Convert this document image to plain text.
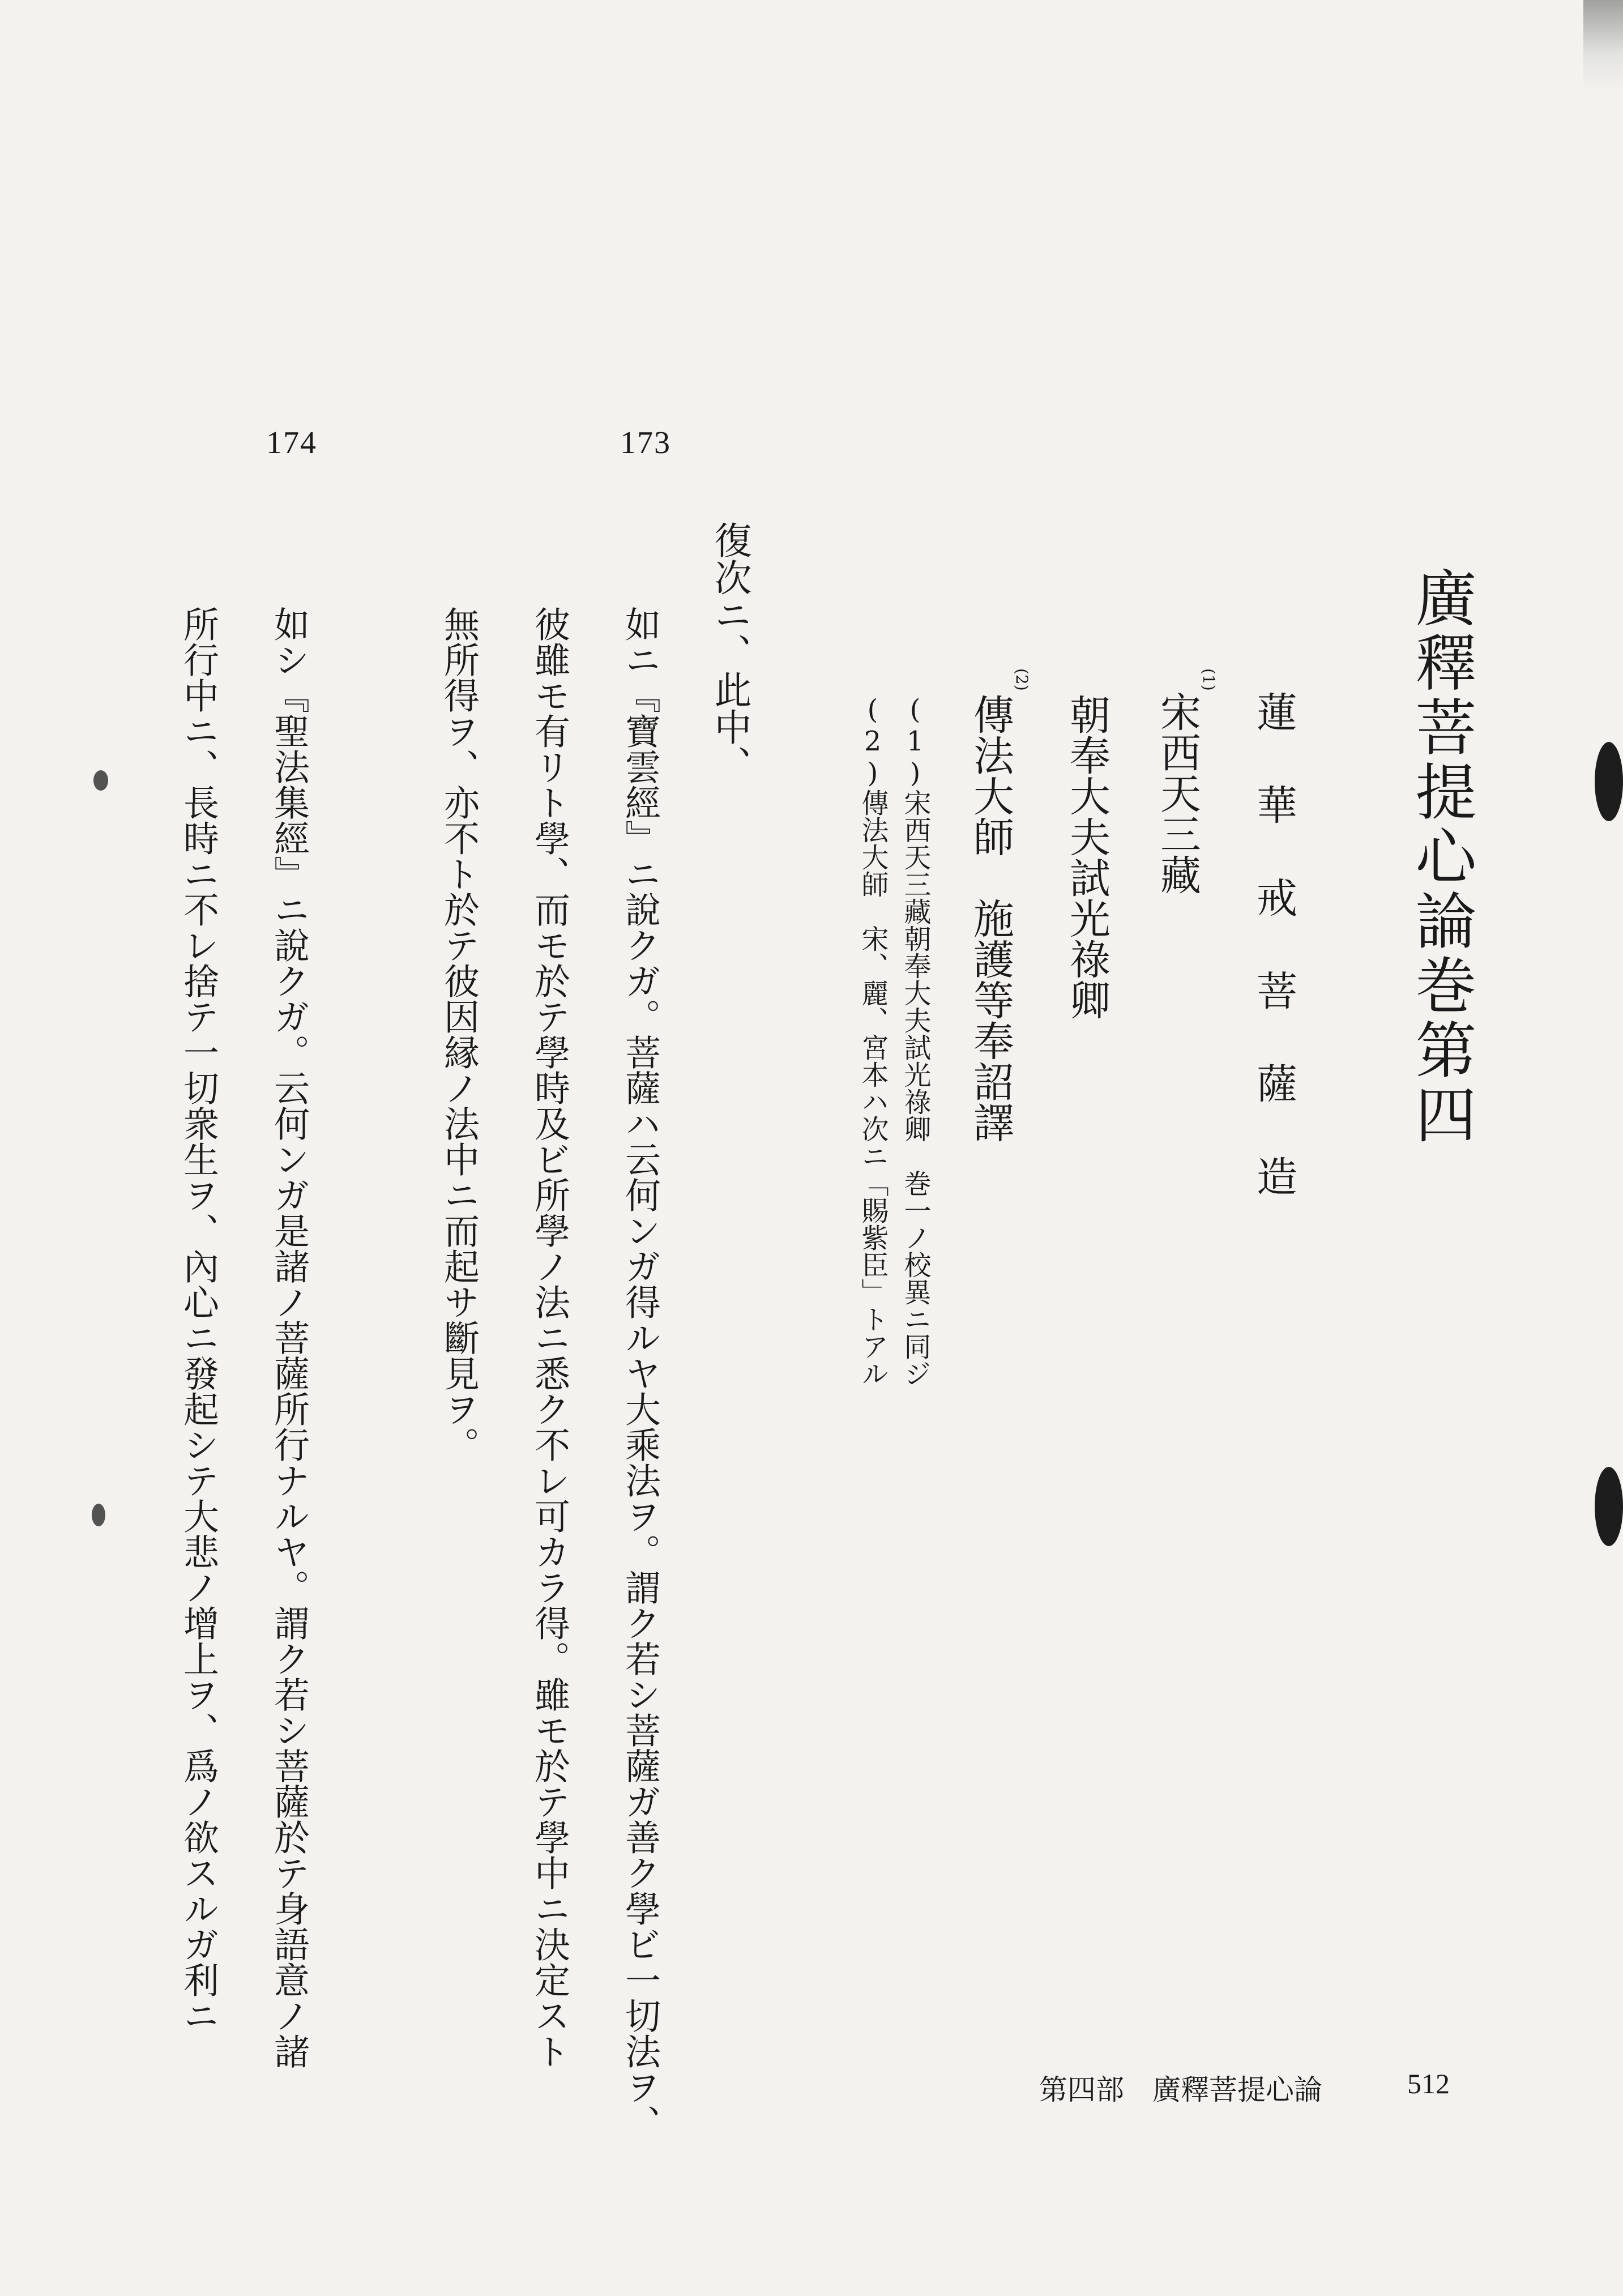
廣釋菩提心論巻第四
蓮 華 戒 菩 薩 造
(1)
宋西天三藏
朝奉大夫試光祿卿
(2)
傳法大師　施護等奉詔譯
(1)宋西天三藏朝奉大夫試光祿卿　巻一ノ校異ニ同ジ
(2)傳法大師　宋、麗、宮本ハ次ニ「賜紫臣」トアル
173
174
復次ニ、此中、
如ニ『寶雲經』ニ說クガ。菩薩ハ云何ンガ得ルヤ大乘法ヲ。謂ク若シ菩薩ガ善ク學ビ一切法ヲ、
彼雖モ有リト學、而モ於テ學時及ビ所學ノ法ニ悉ク不レ可カラ得。雖モ於テ學中ニ決定スト
無所得ヲ、亦不ト於テ彼因縁ノ法中ニ而起サ斷見ヲ。
如シ『聖法集經』ニ說クガ。云何ンガ是諸ノ菩薩所行ナルヤ。謂ク若シ菩薩於テ身語意ノ諸
所行中ニ、長時ニ不レ捨テ一切衆生ヲ、內心ニ發起シテ大悲ノ增上ヲ、爲ノ欲スルガ利ニ
第四部　廣釋菩提心論	512
